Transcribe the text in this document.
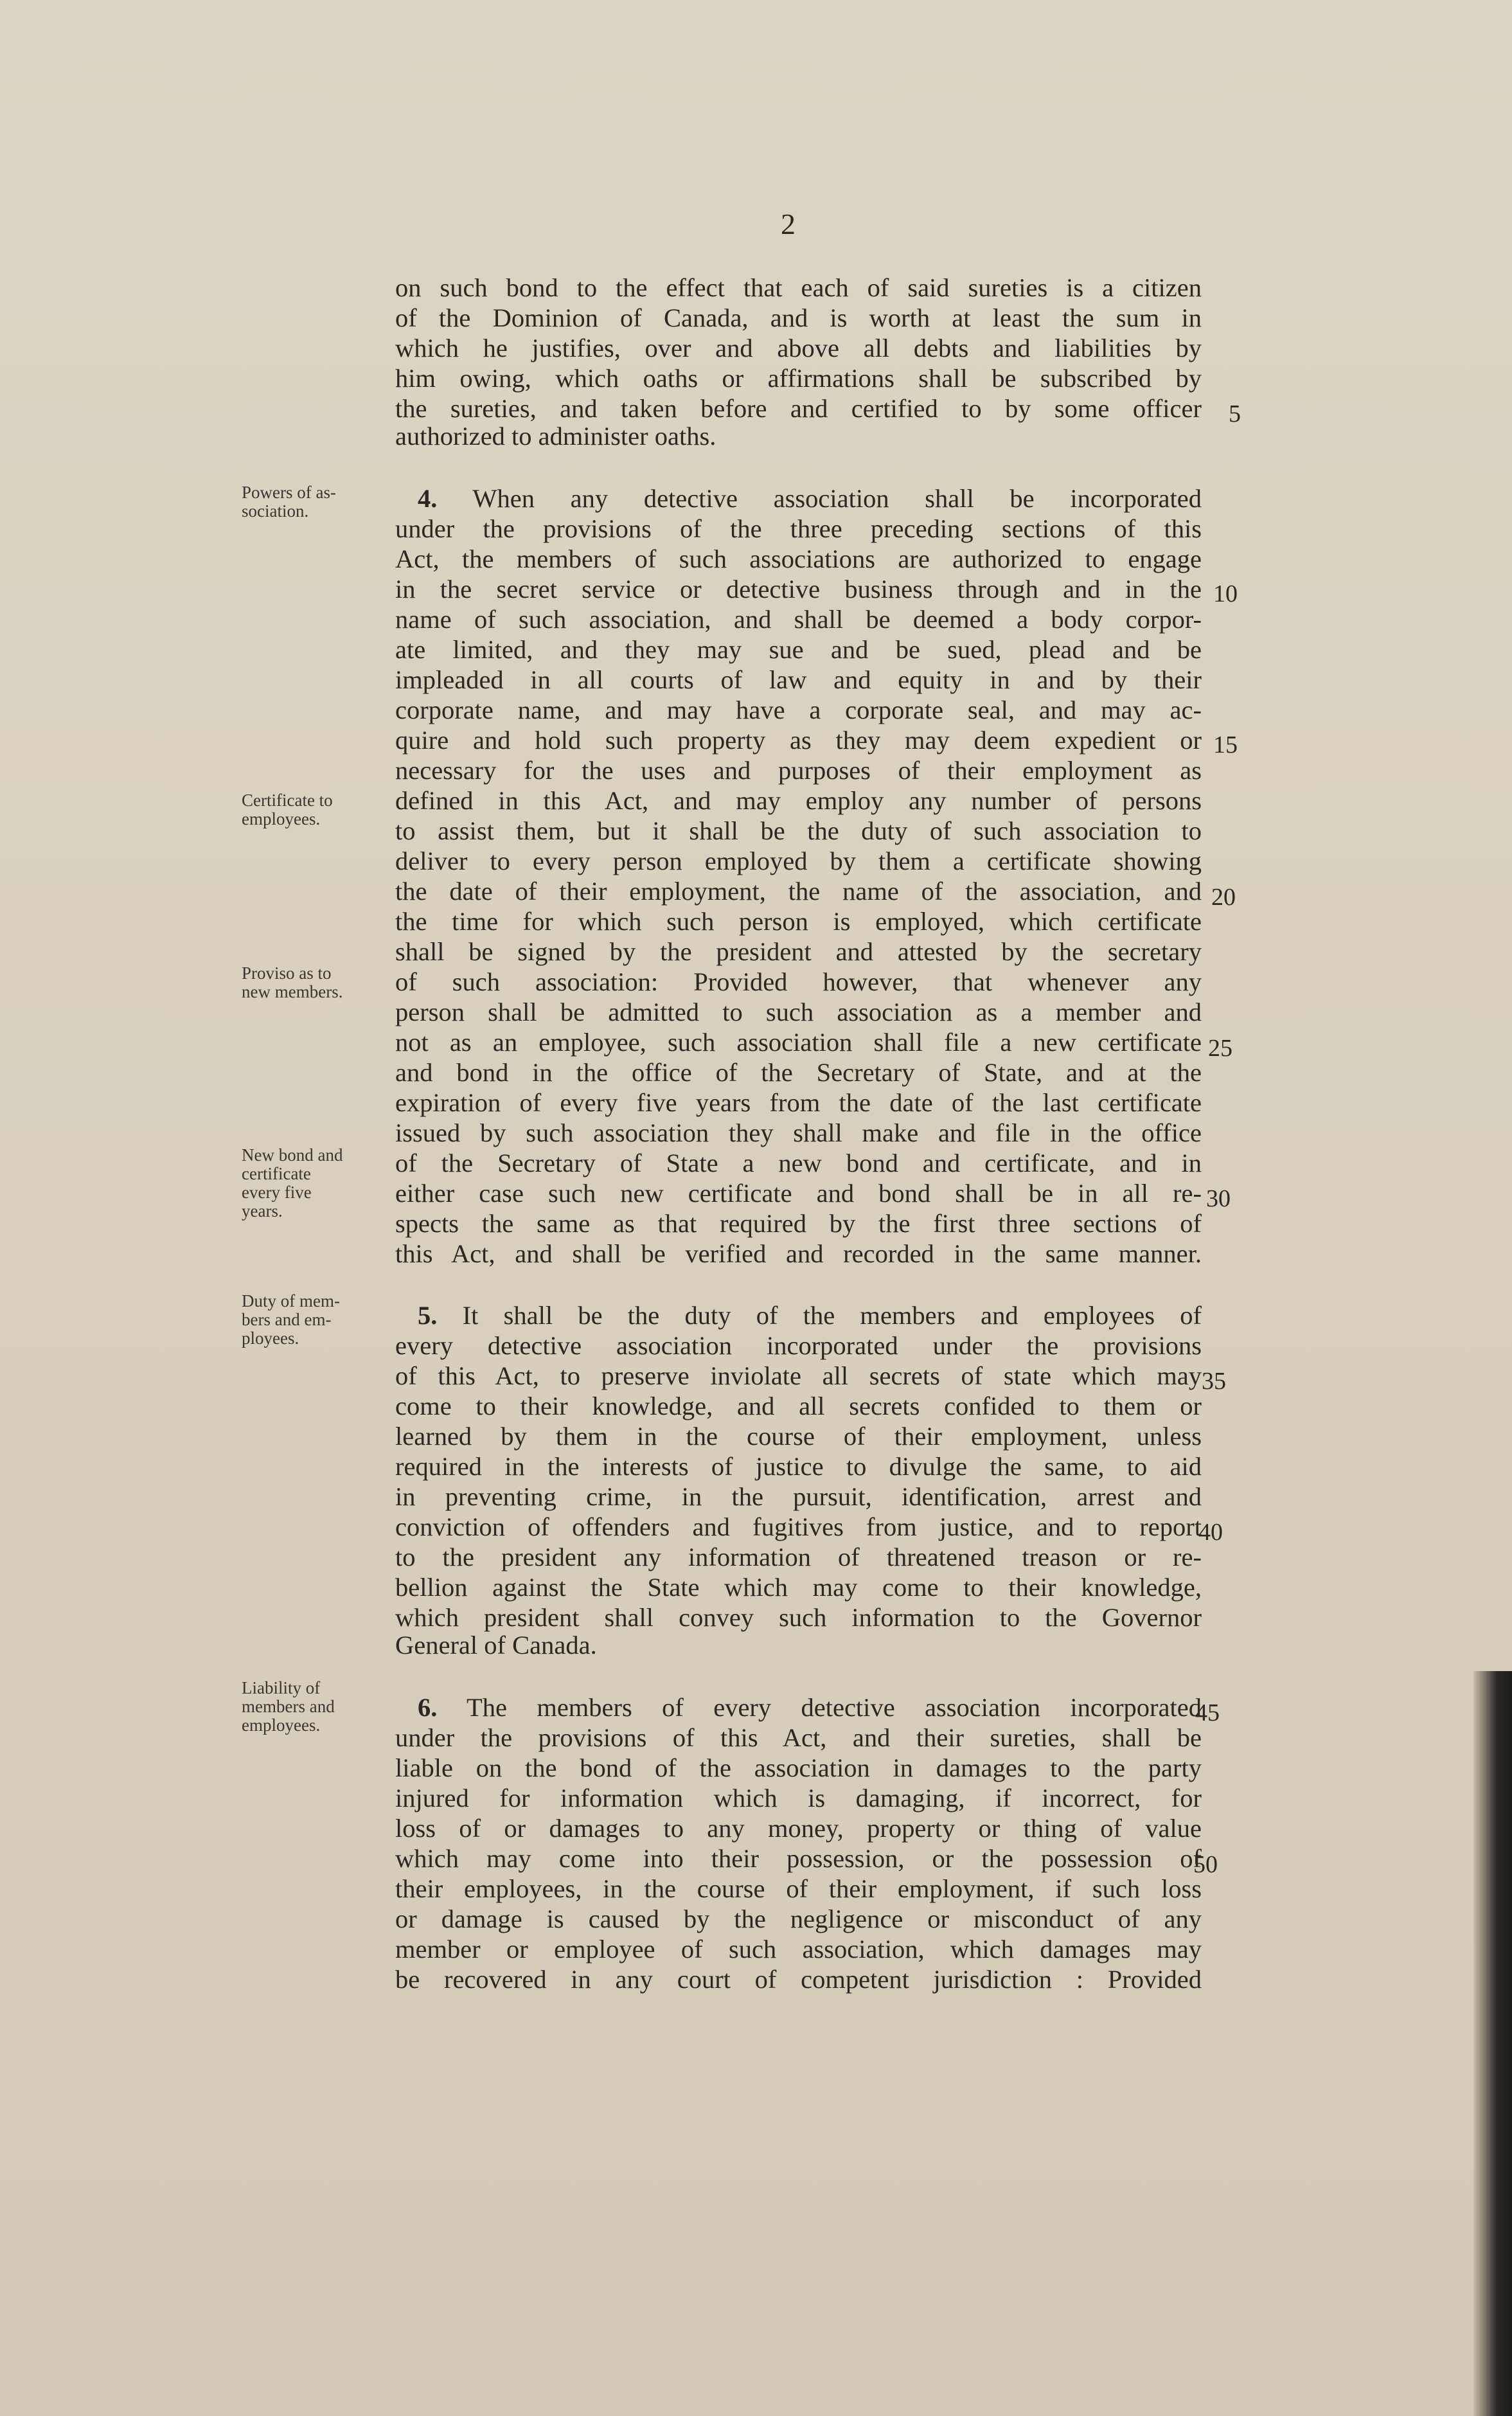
2
Powers of as-
sociation.
Certificate to
employees.
Proviso as to
new members.
New bond and
certificate
every five
years.
Duty of mem-
bers and em-
ployees.
Liability of
members and
employees.
on such bond to the effect that each of said sureties is a citizen
of the Dominion of Canada, and is worth at least the sum in
which he justifies, over and above all debts and liabilities by
him owing, which oaths or affirmations shall be subscribed by
the sureties, and taken before and certified to by some officer
authorized to administer oaths.
4. When any detective association shall be incorporated
under the provisions of the three preceding sections of this
Act, the members of such associations are authorized to engage
in the secret service or detective business through and in the
name of such association, and shall be deemed a body corpor-
ate limited, and they may sue and be sued, plead and be
impleaded in all courts of law and equity in and by their
corporate name, and may have a corporate seal, and may ac-
quire and hold such property as they may deem expedient or
necessary for the uses and purposes of their employment as
defined in this Act, and may employ any number of persons
to assist them, but it shall be the duty of such association to
deliver to every person employed by them a certificate showing
the date of their employment, the name of the association, and
the time for which such person is employed, which certificate
shall be signed by the president and attested by the secretary
of such association: Provided however, that whenever any
person shall be admitted to such association as a member and
not as an employee, such association shall file a new certificate
and bond in the office of the Secretary of State, and at the
expiration of every five years from the date of the last certificate
issued by such association they shall make and file in the office
of the Secretary of State a new bond and certificate, and in
either case such new certificate and bond shall be in all re-
spects the same as that required by the first three sections of
this Act, and shall be verified and recorded in the same manner.
5. It shall be the duty of the members and employees of
every detective association incorporated under the provisions
of this Act, to preserve inviolate all secrets of state which may
come to their knowledge, and all secrets confided to them or
learned by them in the course of their employment, unless
required in the interests of justice to divulge the same, to aid
in preventing crime, in the pursuit, identification, arrest and
conviction of offenders and fugitives from justice, and to report
to the president any information of threatened treason or re-
bellion against the State which may come to their knowledge,
which president shall convey such information to the Governor
General of Canada.
6. The members of every detective association incorporated
under the provisions of this Act, and their sureties, shall be
liable on the bond of the association in damages to the party
injured for information which is damaging, if incorrect, for
loss of or damages to any money, property or thing of value
which may come into their possession, or the possession of
their employees, in the course of their employment, if such loss
or damage is caused by the negligence or misconduct of any
member or employee of such association, which damages may
be recovered in any court of competent jurisdiction : Provided
5
10
15
20
25
30
35
40
45
50
